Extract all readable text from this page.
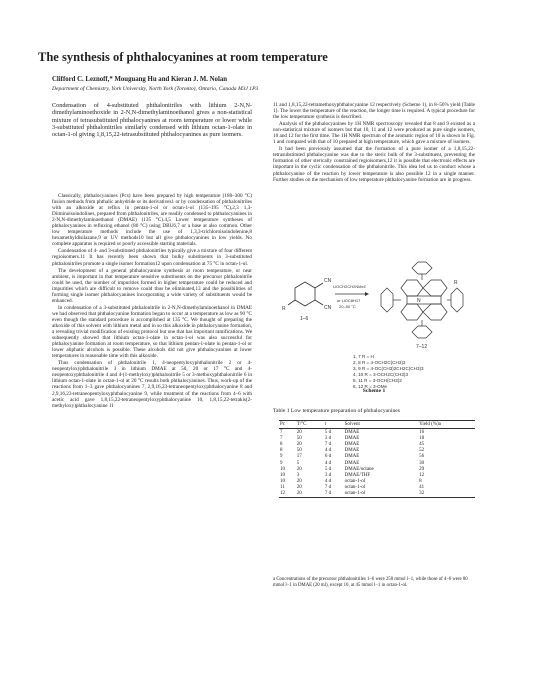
The synthesis of phthalocyanines at room temperature
Clifford C. Leznoff,* Mouguang Hu and Kieran J. M. Nolan
Department of Chemistry, York University, North York (Toronto), Ontario, Canada M3J 1P3
Condensation of 4-substituted phthalonitriles with lithium 2-N,N-dimethylaminoethoxide in 2-N,N-dimethylaminoethanol gives a non-statistical mixture of tetrasubstituted phthalocyanines at room temperature or lower while 3-substituted phthalonitriles similarly condensed with lithium octan-1-olate in octan-1-ol giving 1,8,15,22-tetrasubstituted phthalocyanines as pure isomers.

Classically, phthalocyanines (Pcs) have been prepared by high temperature (180–300 °C) fusion methods from phthalic anhydride or its derivatives1 or by condensation of phthalonitriles with an alkoxide at reflux in pentan-1-ol or octan-1-ol (135–195 °C),2,3 1,3-Diiminoisoindolines, prepared from phthalonitriles, are readily condensed to phthalocyanines in 2-N,N-dimethylaminoethanol (DMAE) (135 °C).4,5 Lower temperature syntheses of phthalocyanines in refluxing ethanol (80 °C) using DBU6,7 or a base at also common. Other low temperature methods include the use of 1,3,3-trichloroisoindolenine,8 hexamethyldisilazane,9 or UV methods10 but all give phthalocyanines in low yields. No complete apparatus is required or poorly accessible starting materials.

Condensation of 4- and 3-substituted phthalonitriles typically give a mixture of four different regioisomers.11 It has recently been shown that bulky substituents in 3-substituted phthalonitriles promote a single isomer formation12 upon condensation at 75 °C in octan-1-ol.

The development of a general phthalocyanine synthesis at room temperature, or near ambient, is important in that temperature sensitive substituents on the precursor phthalonitrile could be used, the number of impurities formed in higher temperature could be reduced and impurities which are difficult to remove could thus be eliminated,13 and the possibilities of forming single isomer phthalocyanines incorporating a wide variety of substituents would be enhanced.

In condensation of a 3-substituted phthalonitrile in 2-N,N-dimethylaminoethanol in DMAE we had observed that phthalocyanine formation began to occur at a temperature as low as 90 °C even though the standard procedure is accomplished at 135 °C. We thought of preparing the alkoxide of this solvent with lithium metal and in so this alkoxide in phthalocyanine formation, a revealing trivial modification of existing protocol but one that has important ramifications. We subsequently showed that lithium octan-1-olate in octan-1-ol was also successful for phthalocyanine formation at room temperature, so that lithium pentan-1-olate in pentan-1-ol or lower aliphatic alcohols is possible. These alcohols did not give phthalocyanines at lower temperatures in reasonable time with this alkoxide.

Thus condensation of phthalonitrile 1, 4-neopentyloxyphthalonitrile 2 or 4-neopentyloxyphthalonitrile 3 in lithium DMAE at 50, 20 or 17 °C and 4-neopentoxyphthalonitrile 4 and 4-(1-methyloxy)phthalonitrile 5 or 3-methoxyphthalonitrile 6 in lithium octan-1-olate in octan-1-ol at 20 °C results both phthalocyanines. Thus, work-up of the reactions from 1–3 gave phthalocyanines 7, 2,9,16,23-tetraneopentyloxyphthalocyanine 8 and 2,9,16,23-tetraneopentyloxyphthalocyanine 9, while treatment of the reactions from 4–6 with acetic acid gave 1,8,15,22-tetraneopentyloxyphthalocyanine 10, 1,8,15,22-tetrakis(2-methyloxy)phthalocyanine 11

11 and 1,8,15,22-tetramethoxyphthalocyanine 12 respectively (Scheme 1), in 8–56% yield (Table 1). The lower the temperature of the reaction, the longer time is required. A typical procedure for the low temperature synthesis is described.

Analysis of the phthalocyanines by 1H NMR spectroscopy revealed that 8 and 9 existed as a non-statistical mixture of isomers but that 10, 11 and 12 were produced as pure single isomers, 10 and 12 for the first time. The 1H NMR spectrum of the aromatic region of 10 is shown in Fig. 1 and compared with that of 10 prepared at high temperature, which gave a mixture of isomers.

It had been previously assumed that the formation of a pure isomer of a 1,8,15,22-tetrasubstituted phthalocyanine was due to the steric bulk of the 3-substituent, preventing the formation of other sterically constrained regioisomers,12 it is possible that electronic effects are important in the cyclic condensation of the phthalonitrile. This idea led us to conduct whose a phthalocyanine of the reaction by lower temperature is also possible 12 in a single manner. Further studies on the mechanism of low temperature phthalocyanine formation are in progress.

CN
CN
R
1–6
LiOCH2CH2NMe2
or LiOC8H17
20–50 °C
N
R
7–12
1, 7 R = H
2, 8 R = 4-OCH2C(CH3)3
3, 9 R = 4-OC(CH3)2CH2C(CH3)3
4, 10 R = 3-OCH2C(CH3)3
5, 11 R = 3-OCH(CH3)2
6, 12 R = 3-OMe
Scheme 1
Table 1 Low temperature preparation of phthalocyanines
Pc	T/°C	t	Solvent	Yield (%)a
7	20	5 d	DMAE	16
7	50	3 d	DMAE	18
8	20	7 d	DMAE	45
8	50	4 d	DMAE	52
9	17	6 d	DMAE	56
9	5	4 d	DMAE	30
10	20	5 d	DMAE/octane	29
10	3	3 d	DMAE/THF	12
10	20	4 d	octan-1-ol	8
11	20	7 d	octan-1-ol	41
12	20	7 d	octan-1-ol	32
a Concentrations of the precursor phthalonitriles 1–6 were 250 mmol l−1, while those of 4–6 were 80 mmol l−1 in DMAE (20 ml), except 10, at 45 mmol l−1 in octan-1-ol.
